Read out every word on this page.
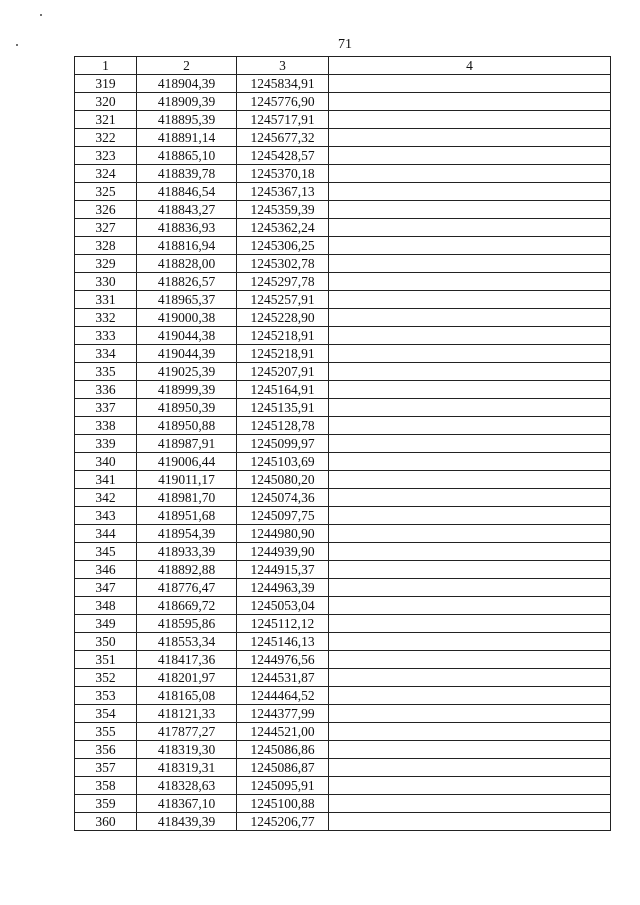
71
1	2	3	4
319	418904,39	1245834,91	
320	418909,39	1245776,90	
321	418895,39	1245717,91	
322	418891,14	1245677,32	
323	418865,10	1245428,57	
324	418839,78	1245370,18	
325	418846,54	1245367,13	
326	418843,27	1245359,39	
327	418836,93	1245362,24	
328	418816,94	1245306,25	
329	418828,00	1245302,78	
330	418826,57	1245297,78	
331	418965,37	1245257,91	
332	419000,38	1245228,90	
333	419044,38	1245218,91	
334	419044,39	1245218,91	
335	419025,39	1245207,91	
336	418999,39	1245164,91	
337	418950,39	1245135,91	
338	418950,88	1245128,78	
339	418987,91	1245099,97	
340	419006,44	1245103,69	
341	419011,17	1245080,20	
342	418981,70	1245074,36	
343	418951,68	1245097,75	
344	418954,39	1244980,90	
345	418933,39	1244939,90	
346	418892,88	1244915,37	
347	418776,47	1244963,39	
348	418669,72	1245053,04	
349	418595,86	1245112,12	
350	418553,34	1245146,13	
351	418417,36	1244976,56	
352	418201,97	1244531,87	
353	418165,08	1244464,52	
354	418121,33	1244377,99	
355	417877,27	1244521,00	
356	418319,30	1245086,86	
357	418319,31	1245086,87	
358	418328,63	1245095,91	
359	418367,10	1245100,88	
360	418439,39	1245206,77	
